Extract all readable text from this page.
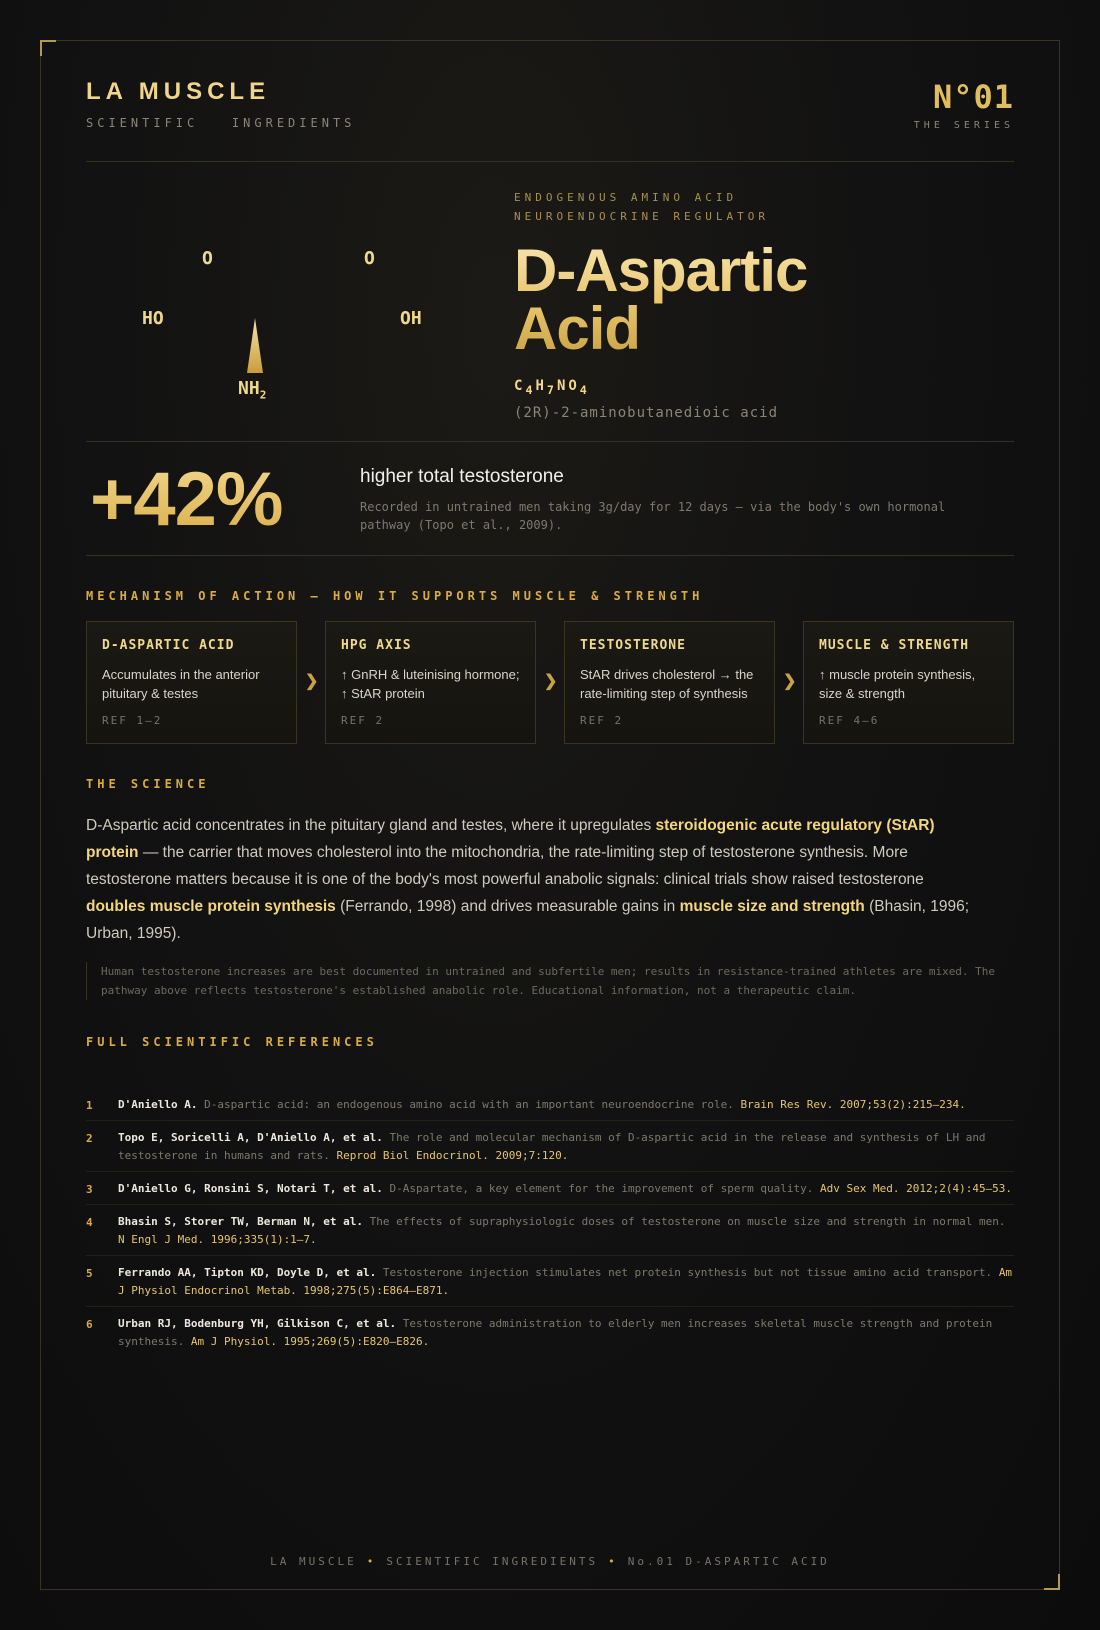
LA MUSCLE
SCIENTIFIC   INGREDIENTS
N°01
THE SERIES
O	O
HO	OH
$NH_2$
ENDOGENOUS AMINO ACID
NEUROENDOCRINE REGULATOR
D-Aspartic
Acid
$C_4H_7NO_4$
(2R)-2-aminobutanedioic acid
+42%	higher total testosterone
Recorded in untrained men taking 3g/day for 12 days — via the body's own hormonal pathway (Topo et al., 2009).
MECHANISM OF ACTION — HOW IT SUPPORTS MUSCLE & STRENGTH
D-ASPARTIC ACID
Accumulates in the anterior pituitary & testes
REF 1–2
❯
HPG AXIS
↑ GnRH & luteinising hormone; ↑ StAR protein
REF 2
❯
TESTOSTERONE
StAR drives cholesterol → the rate-limiting step of synthesis
REF 2
❯
MUSCLE & STRENGTH
↑ muscle protein synthesis, size & strength
REF 4–6
THE SCIENCE
D-Aspartic acid concentrates in the pituitary gland and testes, where it upregulates steroidogenic acute regulatory (StAR) protein — the carrier that moves cholesterol into the mitochondria, the rate-limiting step of testosterone synthesis. More testosterone matters because it is one of the body's most powerful anabolic signals: clinical trials show raised testosterone doubles muscle protein synthesis (Ferrando, 1998) and drives measurable gains in muscle size and strength (Bhasin, 1996; Urban, 1995).
Human testosterone increases are best documented in untrained and subfertile men; results in resistance-trained athletes are mixed. The pathway above reflects testosterone's established anabolic role. Educational information, not a therapeutic claim.
FULL SCIENTIFIC REFERENCES
1	D'Aniello A. D-aspartic acid: an endogenous amino acid with an important neuroendocrine role. Brain Res Rev. 2007;53(2):215–234.
2	Topo E, Soricelli A, D'Aniello A, et al. The role and molecular mechanism of D-aspartic acid in the release and synthesis of LH and testosterone in humans and rats. Reprod Biol Endocrinol. 2009;7:120.
3	D'Aniello G, Ronsini S, Notari T, et al. D-Aspartate, a key element for the improvement of sperm quality. Adv Sex Med. 2012;2(4):45–53.
4	Bhasin S, Storer TW, Berman N, et al. The effects of supraphysiologic doses of testosterone on muscle size and strength in normal men. N Engl J Med. 1996;335(1):1–7.
5	Ferrando AA, Tipton KD, Doyle D, et al. Testosterone injection stimulates net protein synthesis but not tissue amino acid transport. Am J Physiol Endocrinol Metab. 1998;275(5):E864–E871.
6	Urban RJ, Bodenburg YH, Gilkison C, et al. Testosterone administration to elderly men increases skeletal muscle strength and protein synthesis. Am J Physiol. 1995;269(5):E820–E826.
LA MUSCLE • SCIENTIFIC INGREDIENTS • No.01 D-ASPARTIC ACID
